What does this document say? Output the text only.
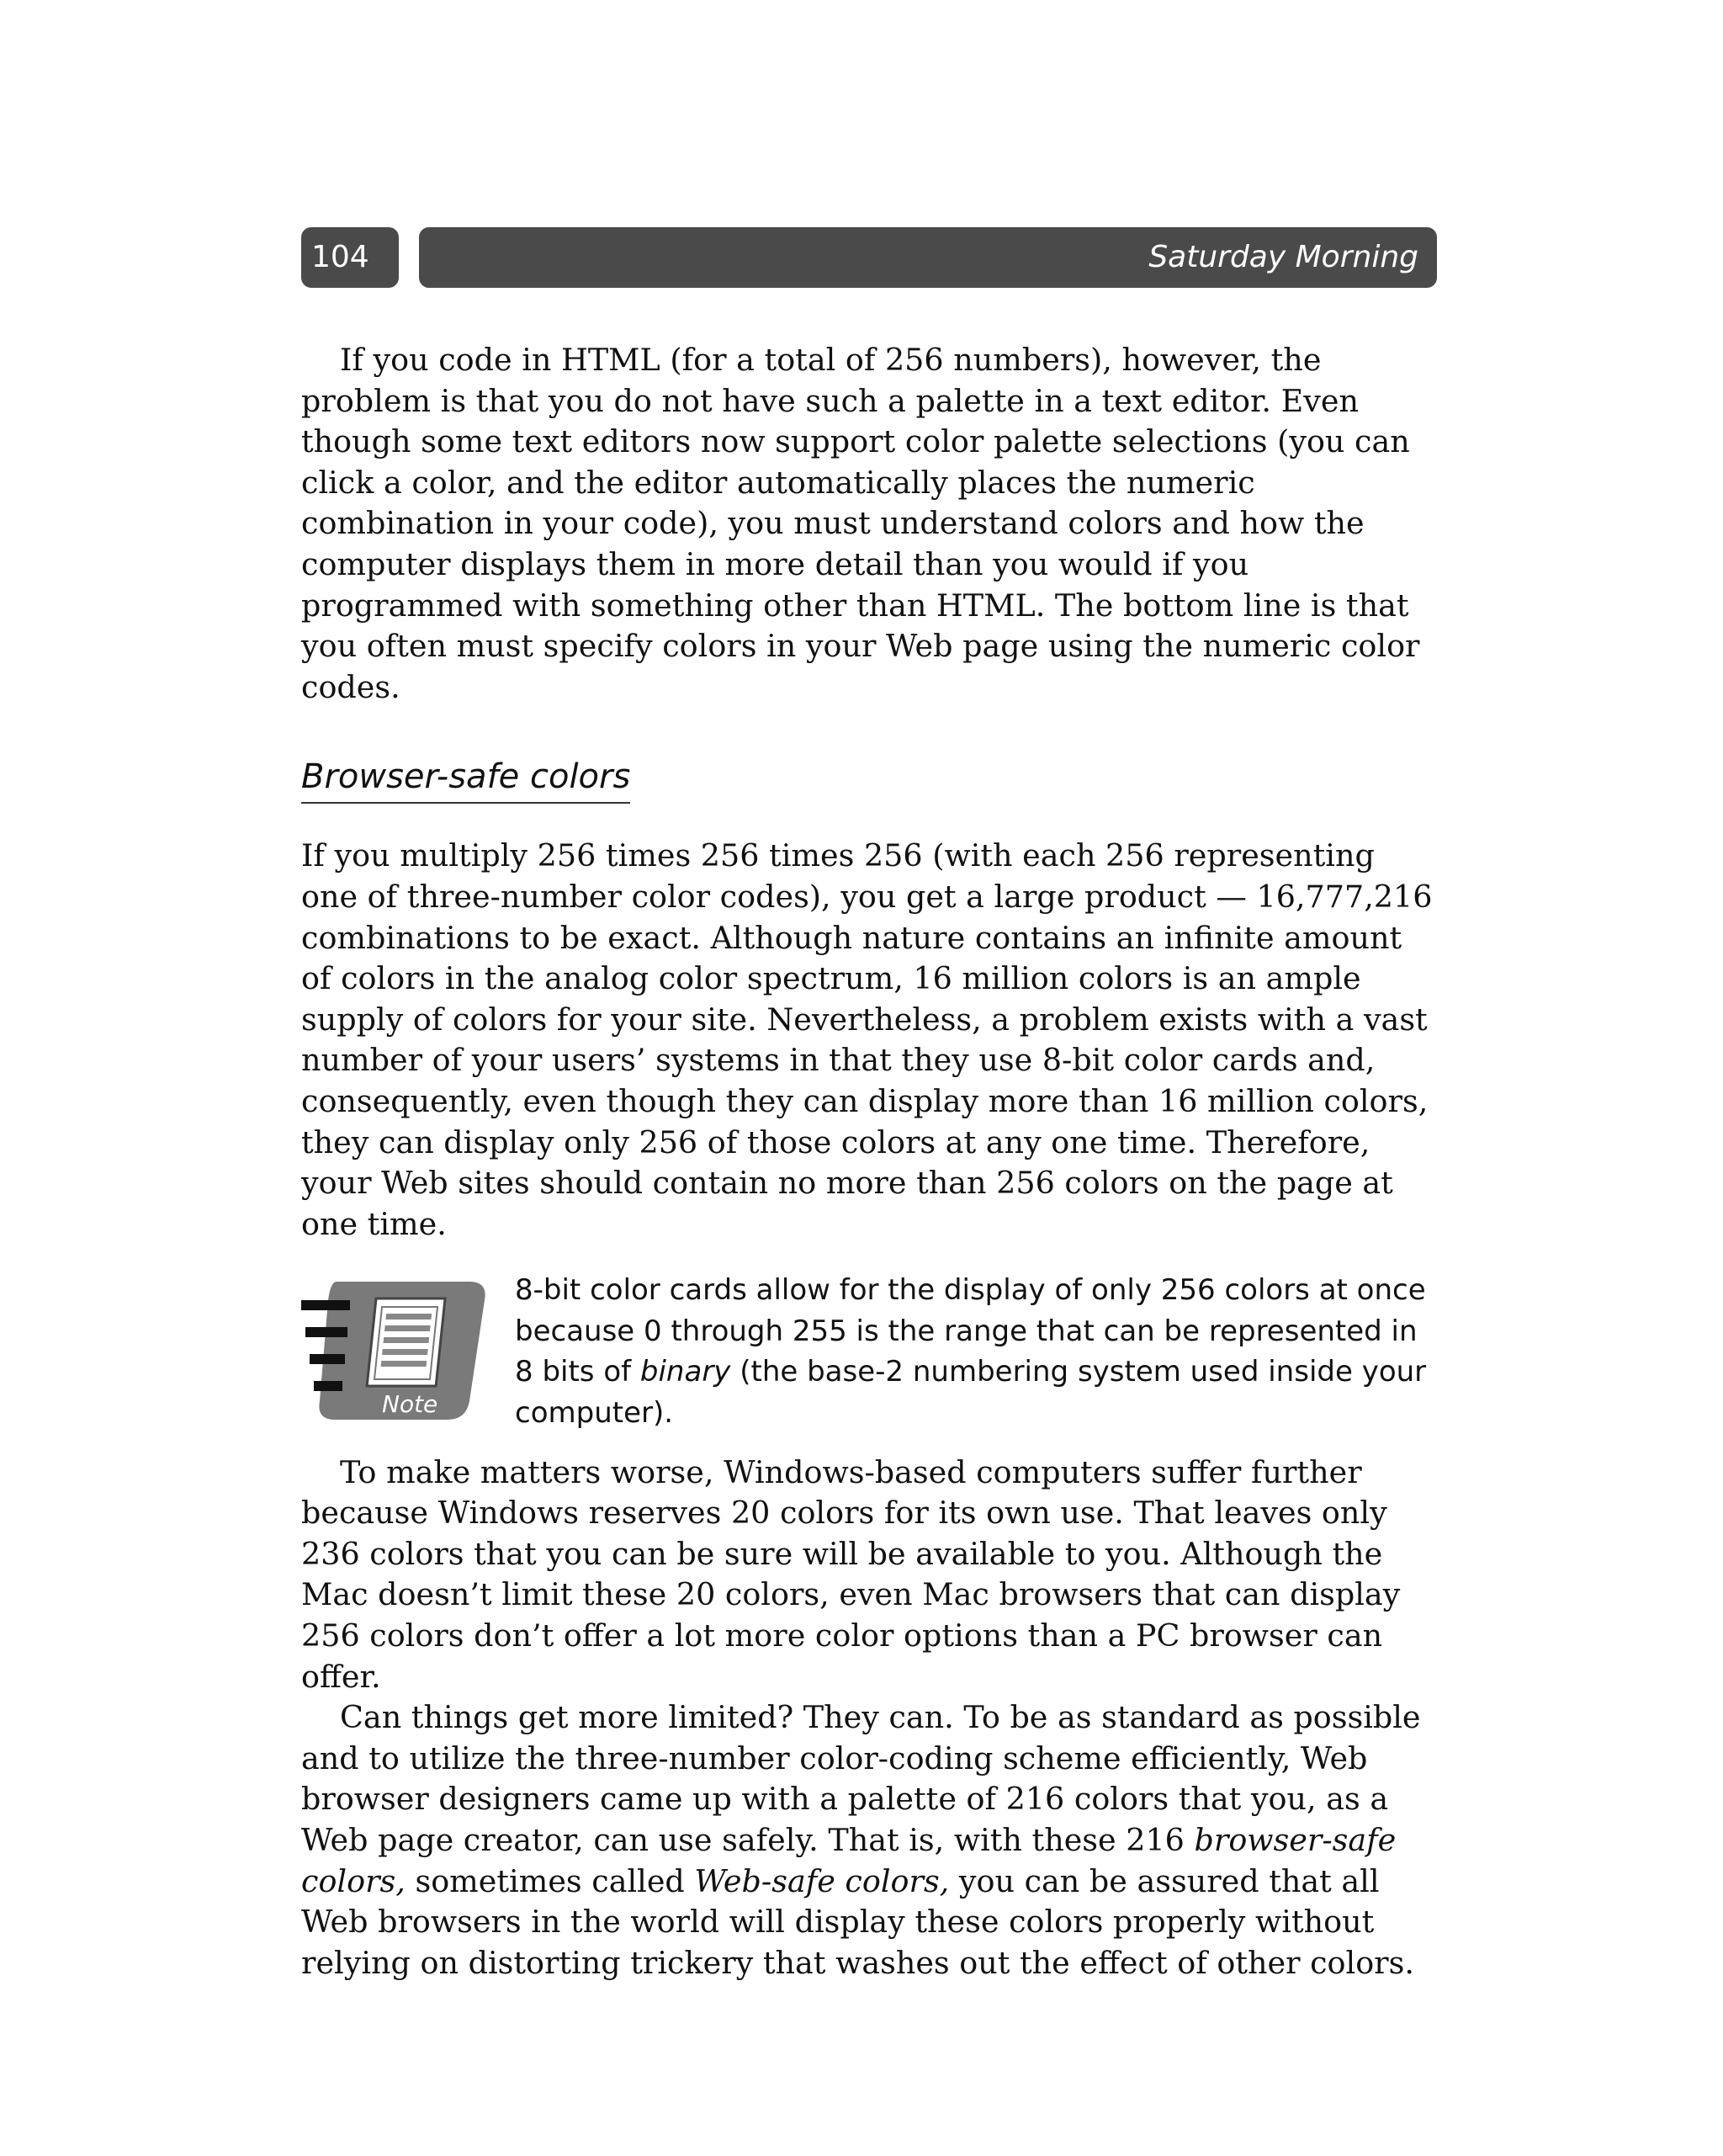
104	Saturday Morning

If you code in HTML (for a total of 256 numbers), however, the problem is that you do not have such a palette in a text editor. Even though some text editors now support color palette selections (you can click a color, and the editor automatically places the numeric combination in your code), you must understand colors and how the computer displays them in more detail than you would if you programmed with something other than HTML. The bottom line is that you often must specify colors in your Web page using the numeric color codes.

Browser-safe colors

If you multiply 256 times 256 times 256 (with each 256 representing one of three-number color codes), you get a large product — 16,777,216 combinations to be exact. Although nature contains an infinite amount of colors in the analog color spectrum, 16 million colors is an ample supply of colors for your site. Nevertheless, a problem exists with a vast number of your users’ systems in that they use 8-bit color cards and, consequently, even though they can display more than 16 million colors, they can display only 256 of those colors at any one time. Therefore, your Web sites should contain no more than 256 colors on the page at one time.

Note
8-bit color cards allow for the display of only 256 colors at once because 0 through 255 is the range that can be represented in 8 bits of binary (the base-2 numbering system used inside your computer).

To make matters worse, Windows-based computers suffer further because Windows reserves 20 colors for its own use. That leaves only 236 colors that you can be sure will be available to you. Although the Mac doesn’t limit these 20 colors, even Mac browsers that can display 256 colors don’t offer a lot more color options than a PC browser can offer.

Can things get more limited? They can. To be as standard as possible and to utilize the three-number color-coding scheme efficiently, Web browser designers came up with a palette of 216 colors that you, as a Web page creator, can use safely. That is, with these 216 browser-safe colors, sometimes called Web-safe colors, you can be assured that all Web browsers in the world will display these colors properly without relying on distorting trickery that washes out the effect of other colors.
